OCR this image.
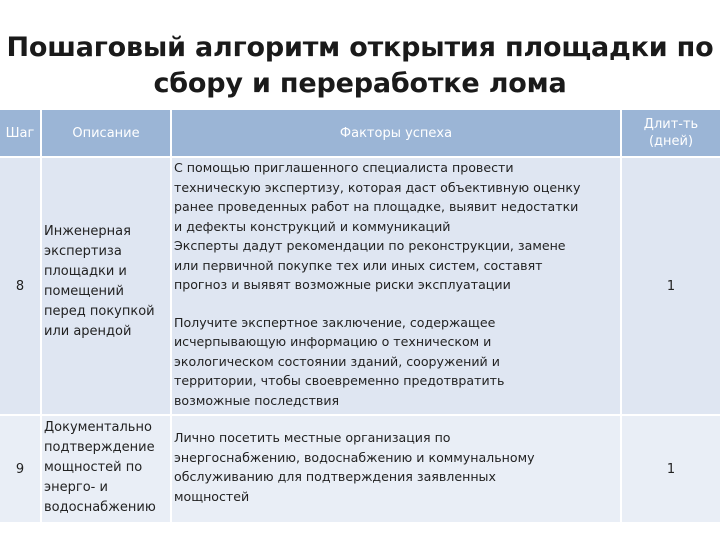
Пошаговый алгоритм открытия площадки по
сбору и переработке лома
Шаг	Описание	Факторы успеха
Длит-ть
(дней)
8
Инженерная
экспертиза
площадки и
помещений
перед покупкой
или арендой

С помощью приглашенного специалиста провести
техническую экспертизу, которая даст объективную оценку
ранее проведенных работ на площадке, выявит недостатки
и дефекты конструкций и коммуникаций
Эксперты дадут рекомендации по реконструкции, замене
или первичной покупке тех или иных систем, составят
прогноз и выявят возможные риски эксплуатации

Получите экспертное заключение, содержащее
исчерпывающую информацию о техническом и
экологическом состоянии зданий, сооружений и
территории, чтобы своевременно предотвратить
возможные последствия

1
9
Документально
подтверждение
мощностей по
энерго- и
водоснабжению

Лично посетить местные организация по
энергоснабжению, водоснабжению и коммунальному
обслуживанию для подтверждения заявленных
мощностей

1
